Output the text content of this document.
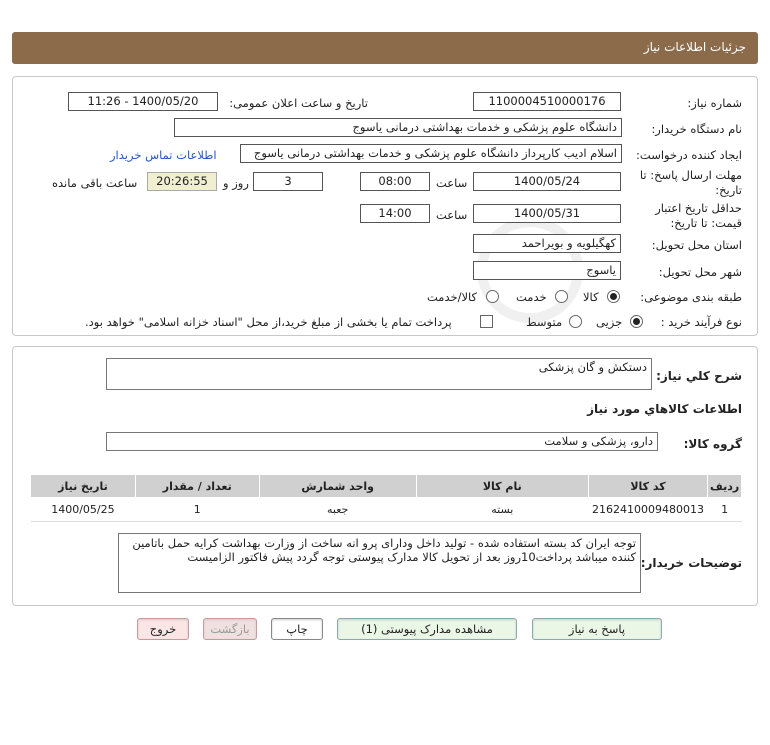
جزئیات اطلاعات نیاز
شماره نیاز:
1100004510000176
تاریخ و ساعت اعلان عمومی:
1400/05/20 - 11:26
نام دستگاه خریدار:
دانشگاه علوم پزشکی و خدمات بهداشتی درمانی یاسوج
ایجاد کننده درخواست:
اسلام ادیب کارپرداز دانشگاه علوم پزشکی و خدمات بهداشتی درمانی یاسوج
اطلاعات تماس خریدار
مهلت ارسال پاسخ: تا
تاریخ:
1400/05/24
ساعت
08:00
3
روز و
20:26:55
ساعت باقی مانده
حداقل تاریخ اعتبار
قیمت: تا تاریخ:
1400/05/31
ساعت
14:00
استان محل تحویل:
کهگیلویه و بویراحمد
شهر محل تحویل:
یاسوج
طبقه بندی موضوعی:
کالا
خدمت
کالا/خدمت
نوع فرآیند خرید :
جزیی
متوسط
پرداخت تمام یا بخشی از مبلغ خرید،از محل "اسناد خزانه اسلامی" خواهد بود.
شرح کلي نیاز:
دستکش و گان پزشکی
اطلاعات کالاهاي مورد نیاز
گروه کالا:
دارو، پزشکی و سلامت
ردیف	کد کالا	نام کالا	واحد شمارش	تعداد / مقدار	تاریخ نیاز
1	2162410009480013	بسته	جعبه	1	1400/05/25
توضیحات خریدار:
توجه ایران کد بسته استفاده شده - تولید داخل ودارای پرو انه ساخت از وزارت بهداشت کرایه حمل باتامین کننده میباشد پرداخت10روز بعد از تحویل کالا مدارک پیوستی توجه گردد پیش فاکتور الزامیست
پاسخ به نیاز
مشاهده مدارک پیوستی (1)
چاپ
بازگشت
خروج
